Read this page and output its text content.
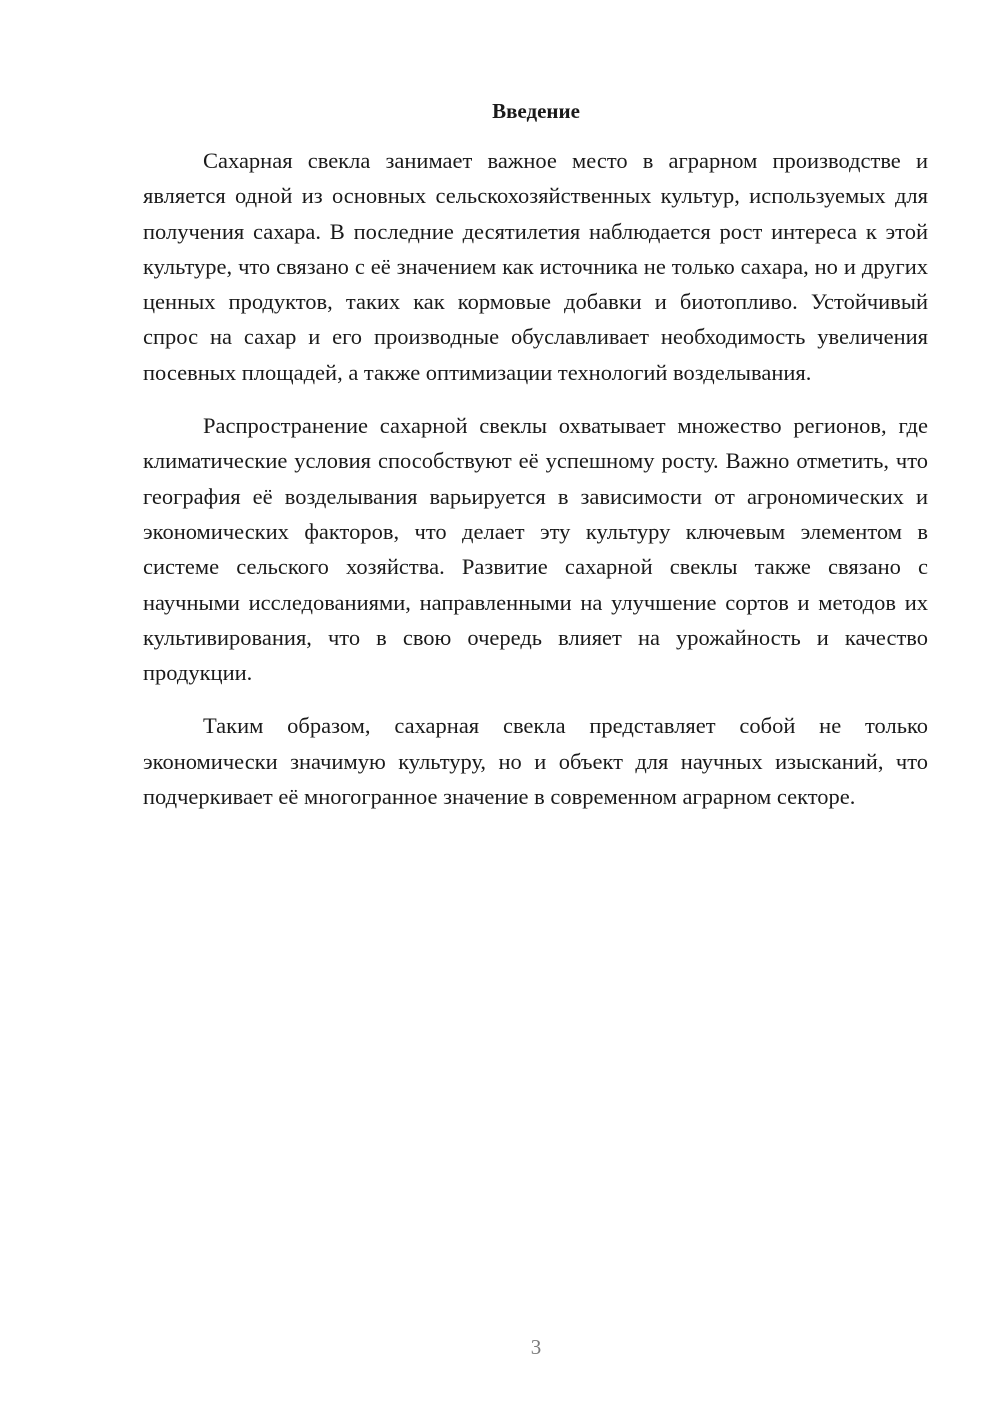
Введение

Сахарная свекла занимает важное место в аграрном производстве и является одной из основных сельскохозяйственных культур, используемых для получения сахара. В последние десятилетия наблюдается рост интереса к этой культуре, что связано с её значением как источника не только сахара, но и других ценных продуктов, таких как кормовые добавки и биотопливо. Устойчивый спрос на сахар и его производные обуславливает необходимость увеличения посевных площадей, а также оптимизации технологий возделывания.

Распространение сахарной свеклы охватывает множество регионов, где климатические условия способствуют её успешному росту. Важно отметить, что география её возделывания варьируется в зависимости от агрономических и экономических факторов, что делает эту культуру ключевым элементом в системе сельского хозяйства. Развитие сахарной свеклы также связано с научными исследованиями, направленными на улучшение сортов и методов их культивирования, что в свою очередь влияет на урожайность и качество продукции.

Таким образом, сахарная свекла представляет собой не только экономически значимую культуру, но и объект для научных изысканий, что подчеркивает её многогранное значение в современном аграрном секторе.

3
